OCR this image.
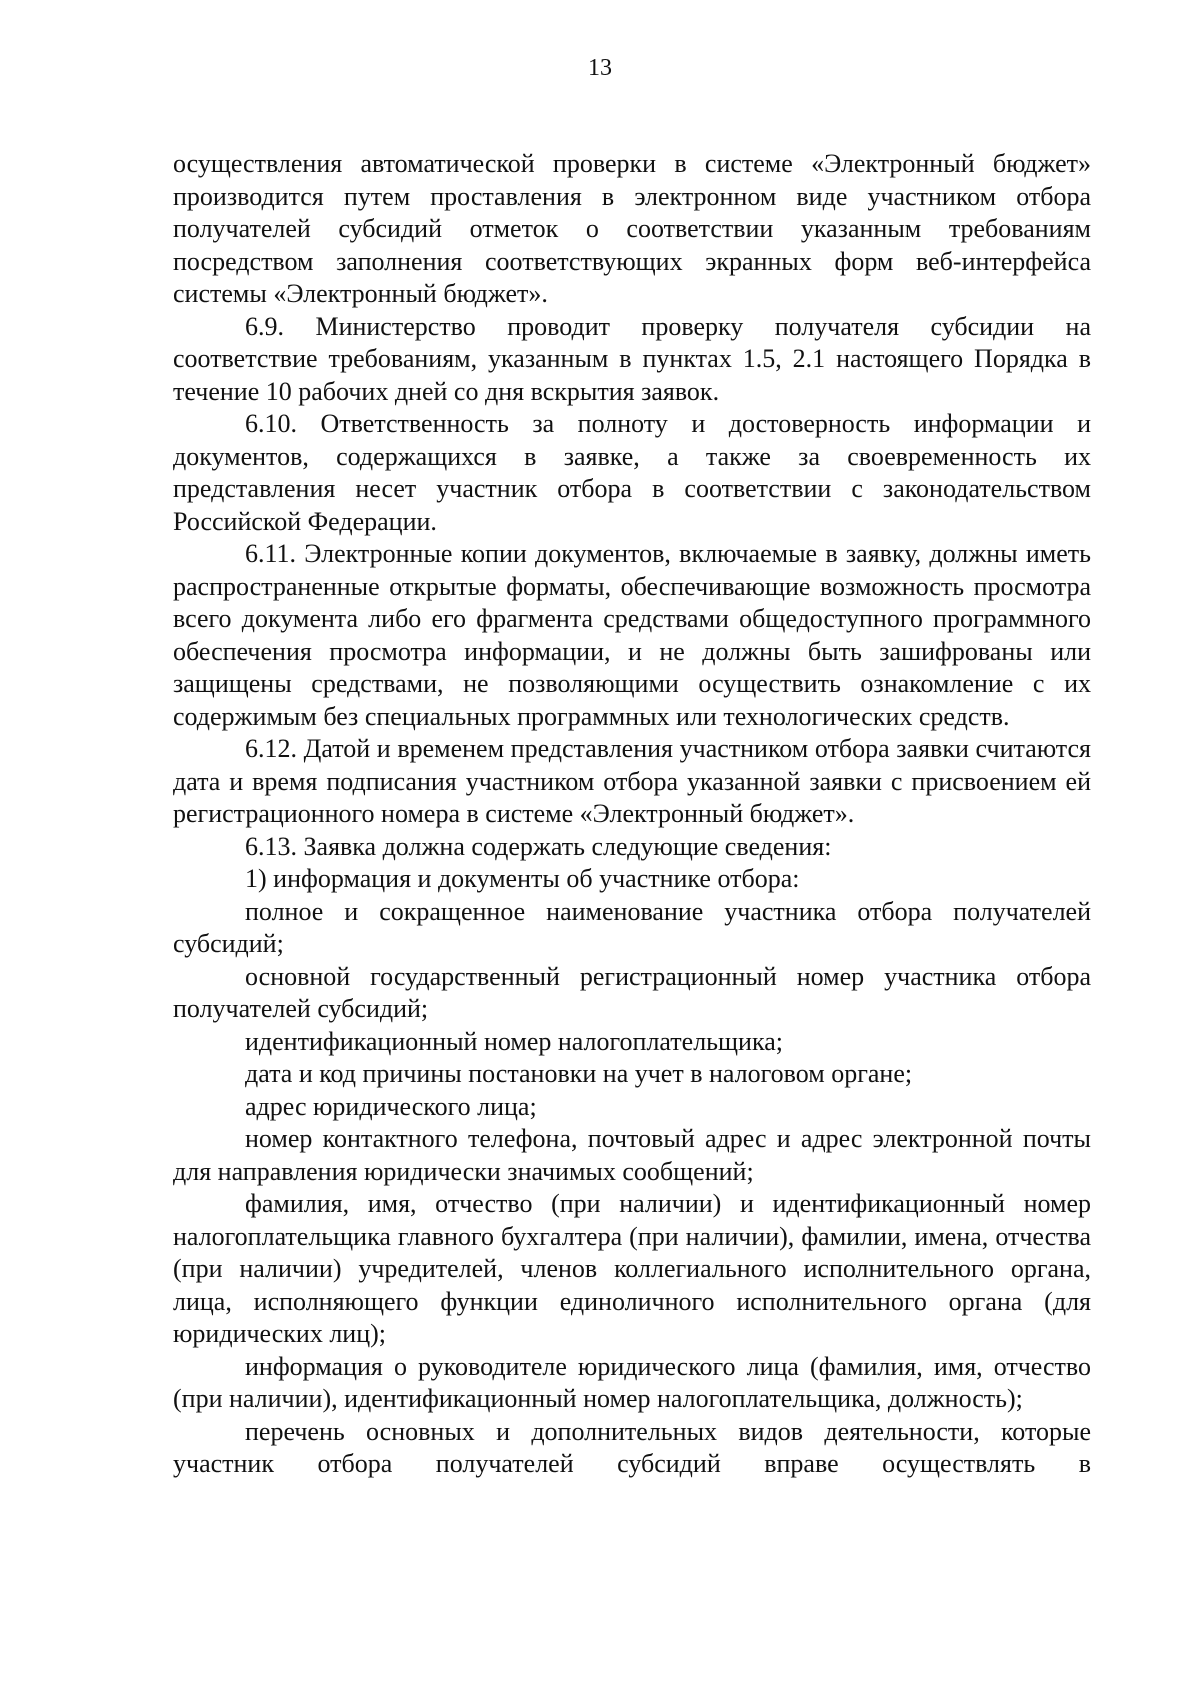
13

осуществления автоматической проверки в системе «Электронный бюджет» производится путем проставления в электронном виде участником отбора получателей субсидий отметок о соответствии указанным требованиям посредством заполнения соответствующих экранных форм веб-интерфейса системы «Электронный бюджет».

6.9. Министерство проводит проверку получателя субсидии на соответствие требованиям, указанным в пунктах 1.5, 2.1 настоящего Порядка в течение 10 рабочих дней со дня вскрытия заявок.

6.10. Ответственность за полноту и достоверность информации и документов, содержащихся в заявке, а также за своевременность их представления несет участник отбора в соответствии с законодательством Российской Федерации.

6.11. Электронные копии документов, включаемые в заявку, должны иметь распространенные открытые форматы, обеспечивающие возможность просмотра всего документа либо его фрагмента средствами общедоступного программного обеспечения просмотра информации, и не должны быть зашифрованы или защищены средствами, не позволяющими осуществить ознакомление с их содержимым без специальных программных или технологических средств.

6.12. Датой и временем представления участником отбора заявки считаются дата и время подписания участником отбора указанной заявки с присвоением ей регистрационного номера в системе «Электронный бюджет».

6.13. Заявка должна содержать следующие сведения:

1) информация и документы об участнике отбора:

полное и сокращенное наименование участника отбора получателей субсидий;

основной государственный регистрационный номер участника отбора получателей субсидий;

идентификационный номер налогоплательщика;

дата и код причины постановки на учет в налоговом органе;

адрес юридического лица;

номер контактного телефона, почтовый адрес и адрес электронной почты для направления юридически значимых сообщений;

фамилия, имя, отчество (при наличии) и идентификационный номер налогоплательщика главного бухгалтера (при наличии), фамилии, имена, отчества (при наличии) учредителей, членов коллегиального исполнительного органа, лица, исполняющего функции единоличного исполнительного органа (для юридических лиц);

информация о руководителе юридического лица (фамилия, имя, отчество (при наличии), идентификационный номер налогоплательщика, должность);

перечень основных и дополнительных видов деятельности, которые участник отбора получателей субсидий вправе осуществлять в
